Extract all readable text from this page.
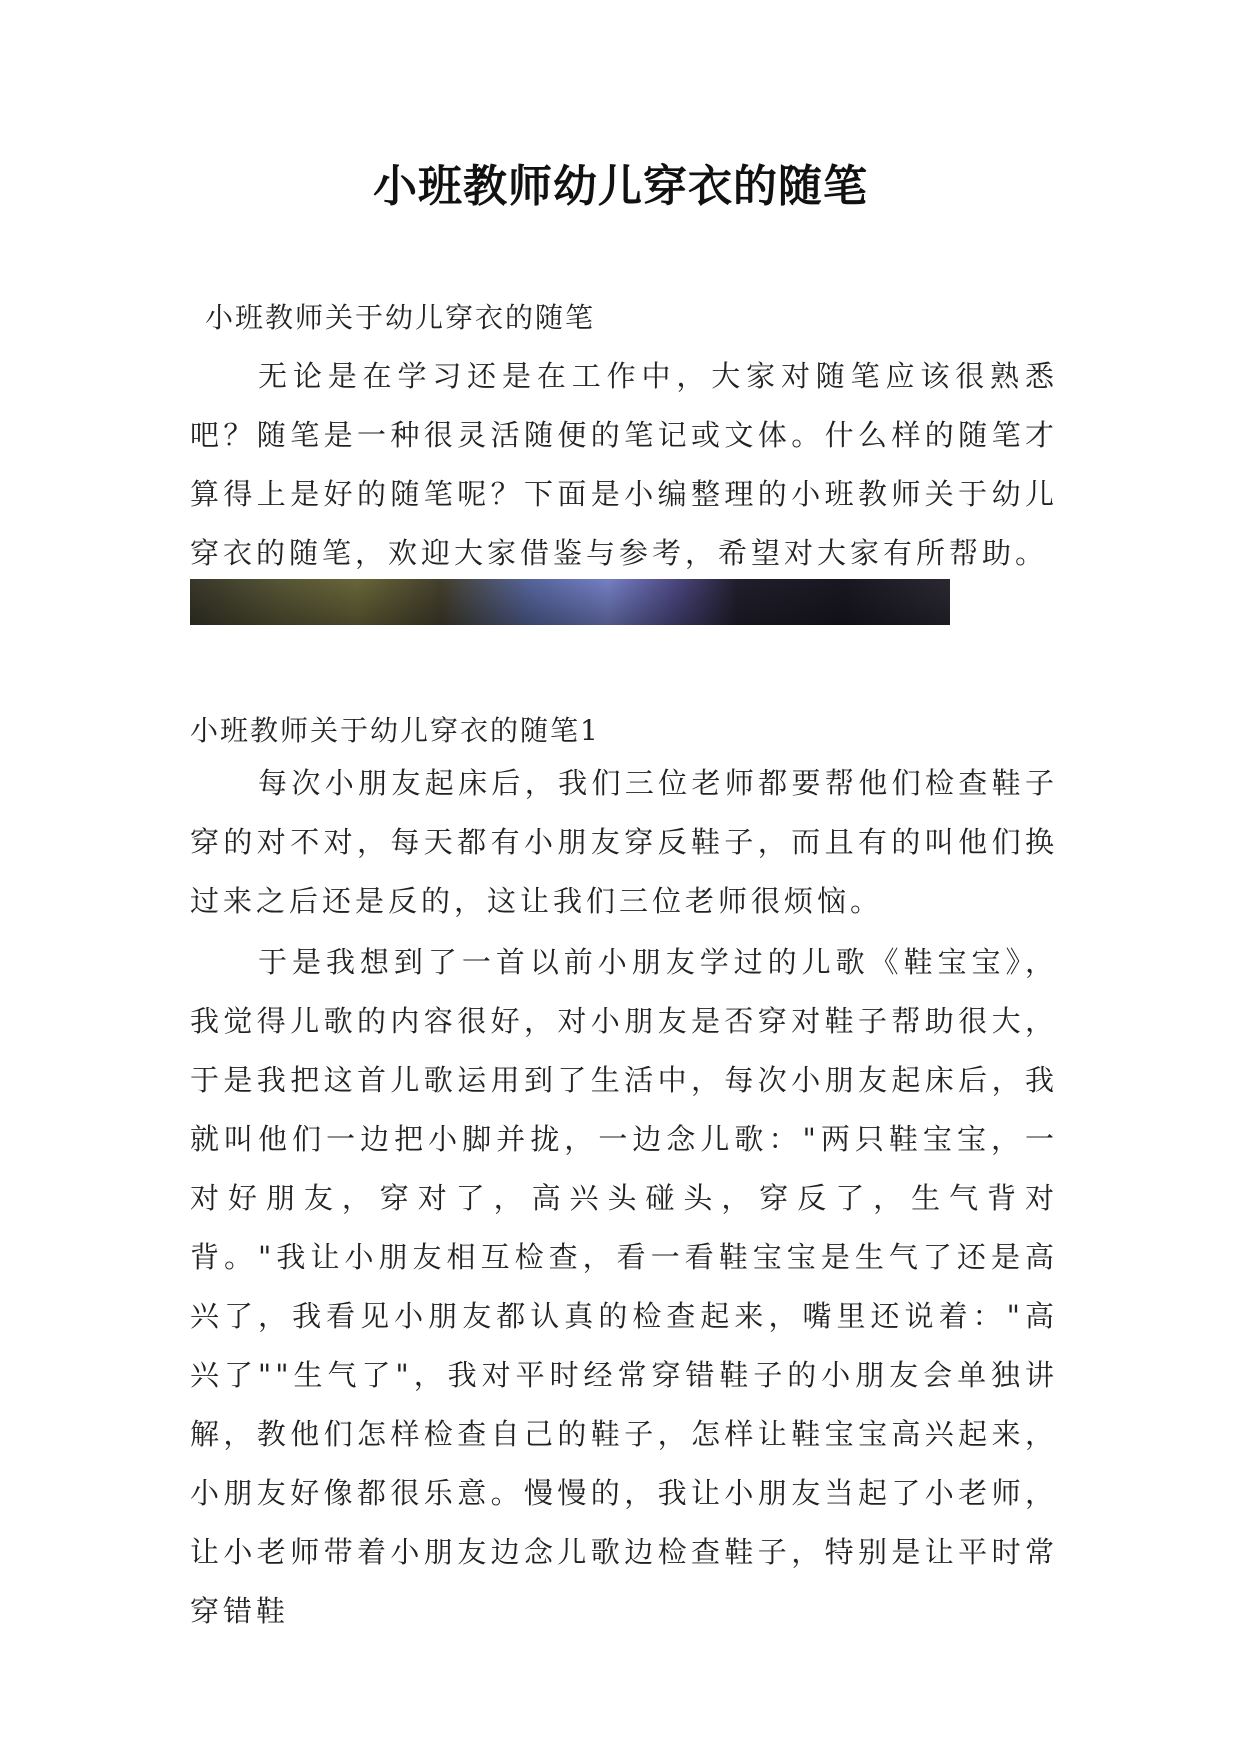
小班教师幼儿穿衣的随笔
小班教师关于幼儿穿衣的随笔

无论是在学习还是在工作中，大家对随笔应该很熟悉吧？随笔是一种很灵活随便的笔记或文体。什么样的随笔才算得上是好的随笔呢？下面是小编整理的小班教师关于幼儿穿衣的随笔，欢迎大家借鉴与参考，希望对大家有所帮助。

小班教师关于幼儿穿衣的随笔1

每次小朋友起床后，我们三位老师都要帮他们检查鞋子穿的对不对，每天都有小朋友穿反鞋子，而且有的叫他们换过来之后还是反的，这让我们三位老师很烦恼。

于是我想到了一首以前小朋友学过的儿歌《鞋宝宝》，我觉得儿歌的内容很好，对小朋友是否穿对鞋子帮助很大，于是我把这首儿歌运用到了生活中，每次小朋友起床后，我就叫他们一边把小脚并拢，一边念儿歌："两只鞋宝宝，一对好朋友，穿对了，高兴头碰头，穿反了，生气背对背。"我让小朋友相互检查，看一看鞋宝宝是生气了还是高兴了，我看见小朋友都认真的检查起来，嘴里还说着："高兴了""生气了"，我对平时经常穿错鞋子的小朋友会单独讲解，教他们怎样检查自己的鞋子，怎样让鞋宝宝高兴起来，小朋友好像都很乐意。慢慢的，我让小朋友当起了小老师，让小老师带着小朋友边念儿歌边检查鞋子，特别是让平时常穿错鞋
